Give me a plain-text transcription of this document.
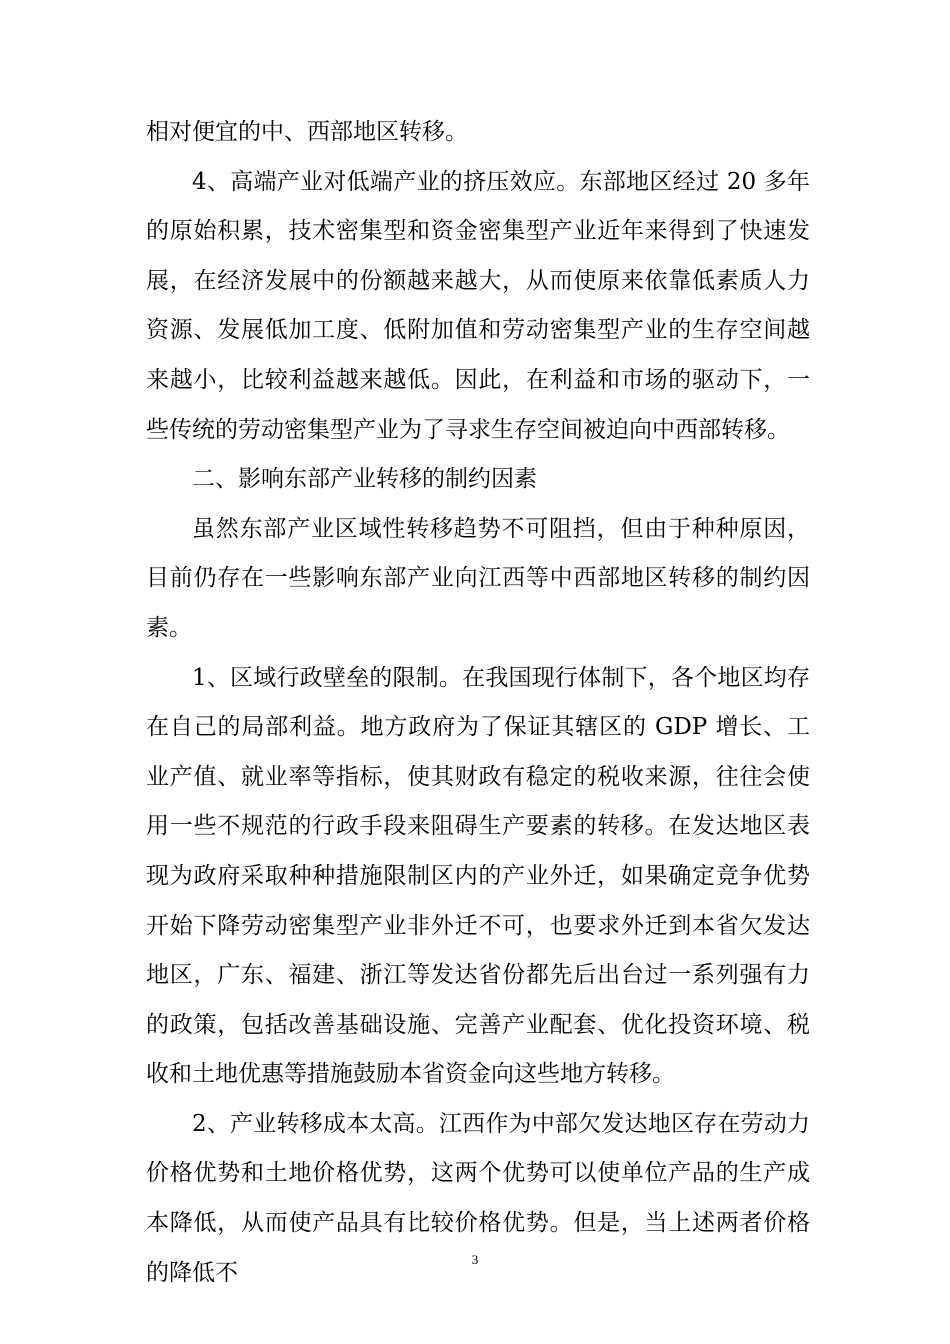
相对便宜的中、西部地区转移。

4、高端产业对低端产业的挤压效应。东部地区经过 20 多年的原始积累，技术密集型和资金密集型产业近年来得到了快速发展，在经济发展中的份额越来越大，从而使原来依靠低素质人力资源、发展低加工度、低附加值和劳动密集型产业的生存空间越来越小，比较利益越来越低。因此，在利益和市场的驱动下，一些传统的劳动密集型产业为了寻求生存空间被迫向中西部转移。

二、影响东部产业转移的制约因素

虽然东部产业区域性转移趋势不可阻挡，但由于种种原因，目前仍存在一些影响东部产业向江西等中西部地区转移的制约因素。

1、区域行政壁垒的限制。在我国现行体制下，各个地区均存在自己的局部利益。地方政府为了保证其辖区的 GDP 增长、工业产值、就业率等指标，使其财政有稳定的税收来源，往往会使用一些不规范的行政手段来阻碍生产要素的转移。在发达地区表现为政府采取种种措施限制区内的产业外迁，如果确定竞争优势开始下降劳动密集型产业非外迁不可，也要求外迁到本省欠发达地区，广东、福建、浙江等发达省份都先后出台过一系列强有力的政策，包括改善基础设施、完善产业配套、优化投资环境、税收和土地优惠等措施鼓励本省资金向这些地方转移。

2、产业转移成本太高。江西作为中部欠发达地区存在劳动力价格优势和土地价格优势，这两个优势可以使单位产品的生产成本降低，从而使产品具有比较价格优势。但是，当上述两者价格的降低不

3
